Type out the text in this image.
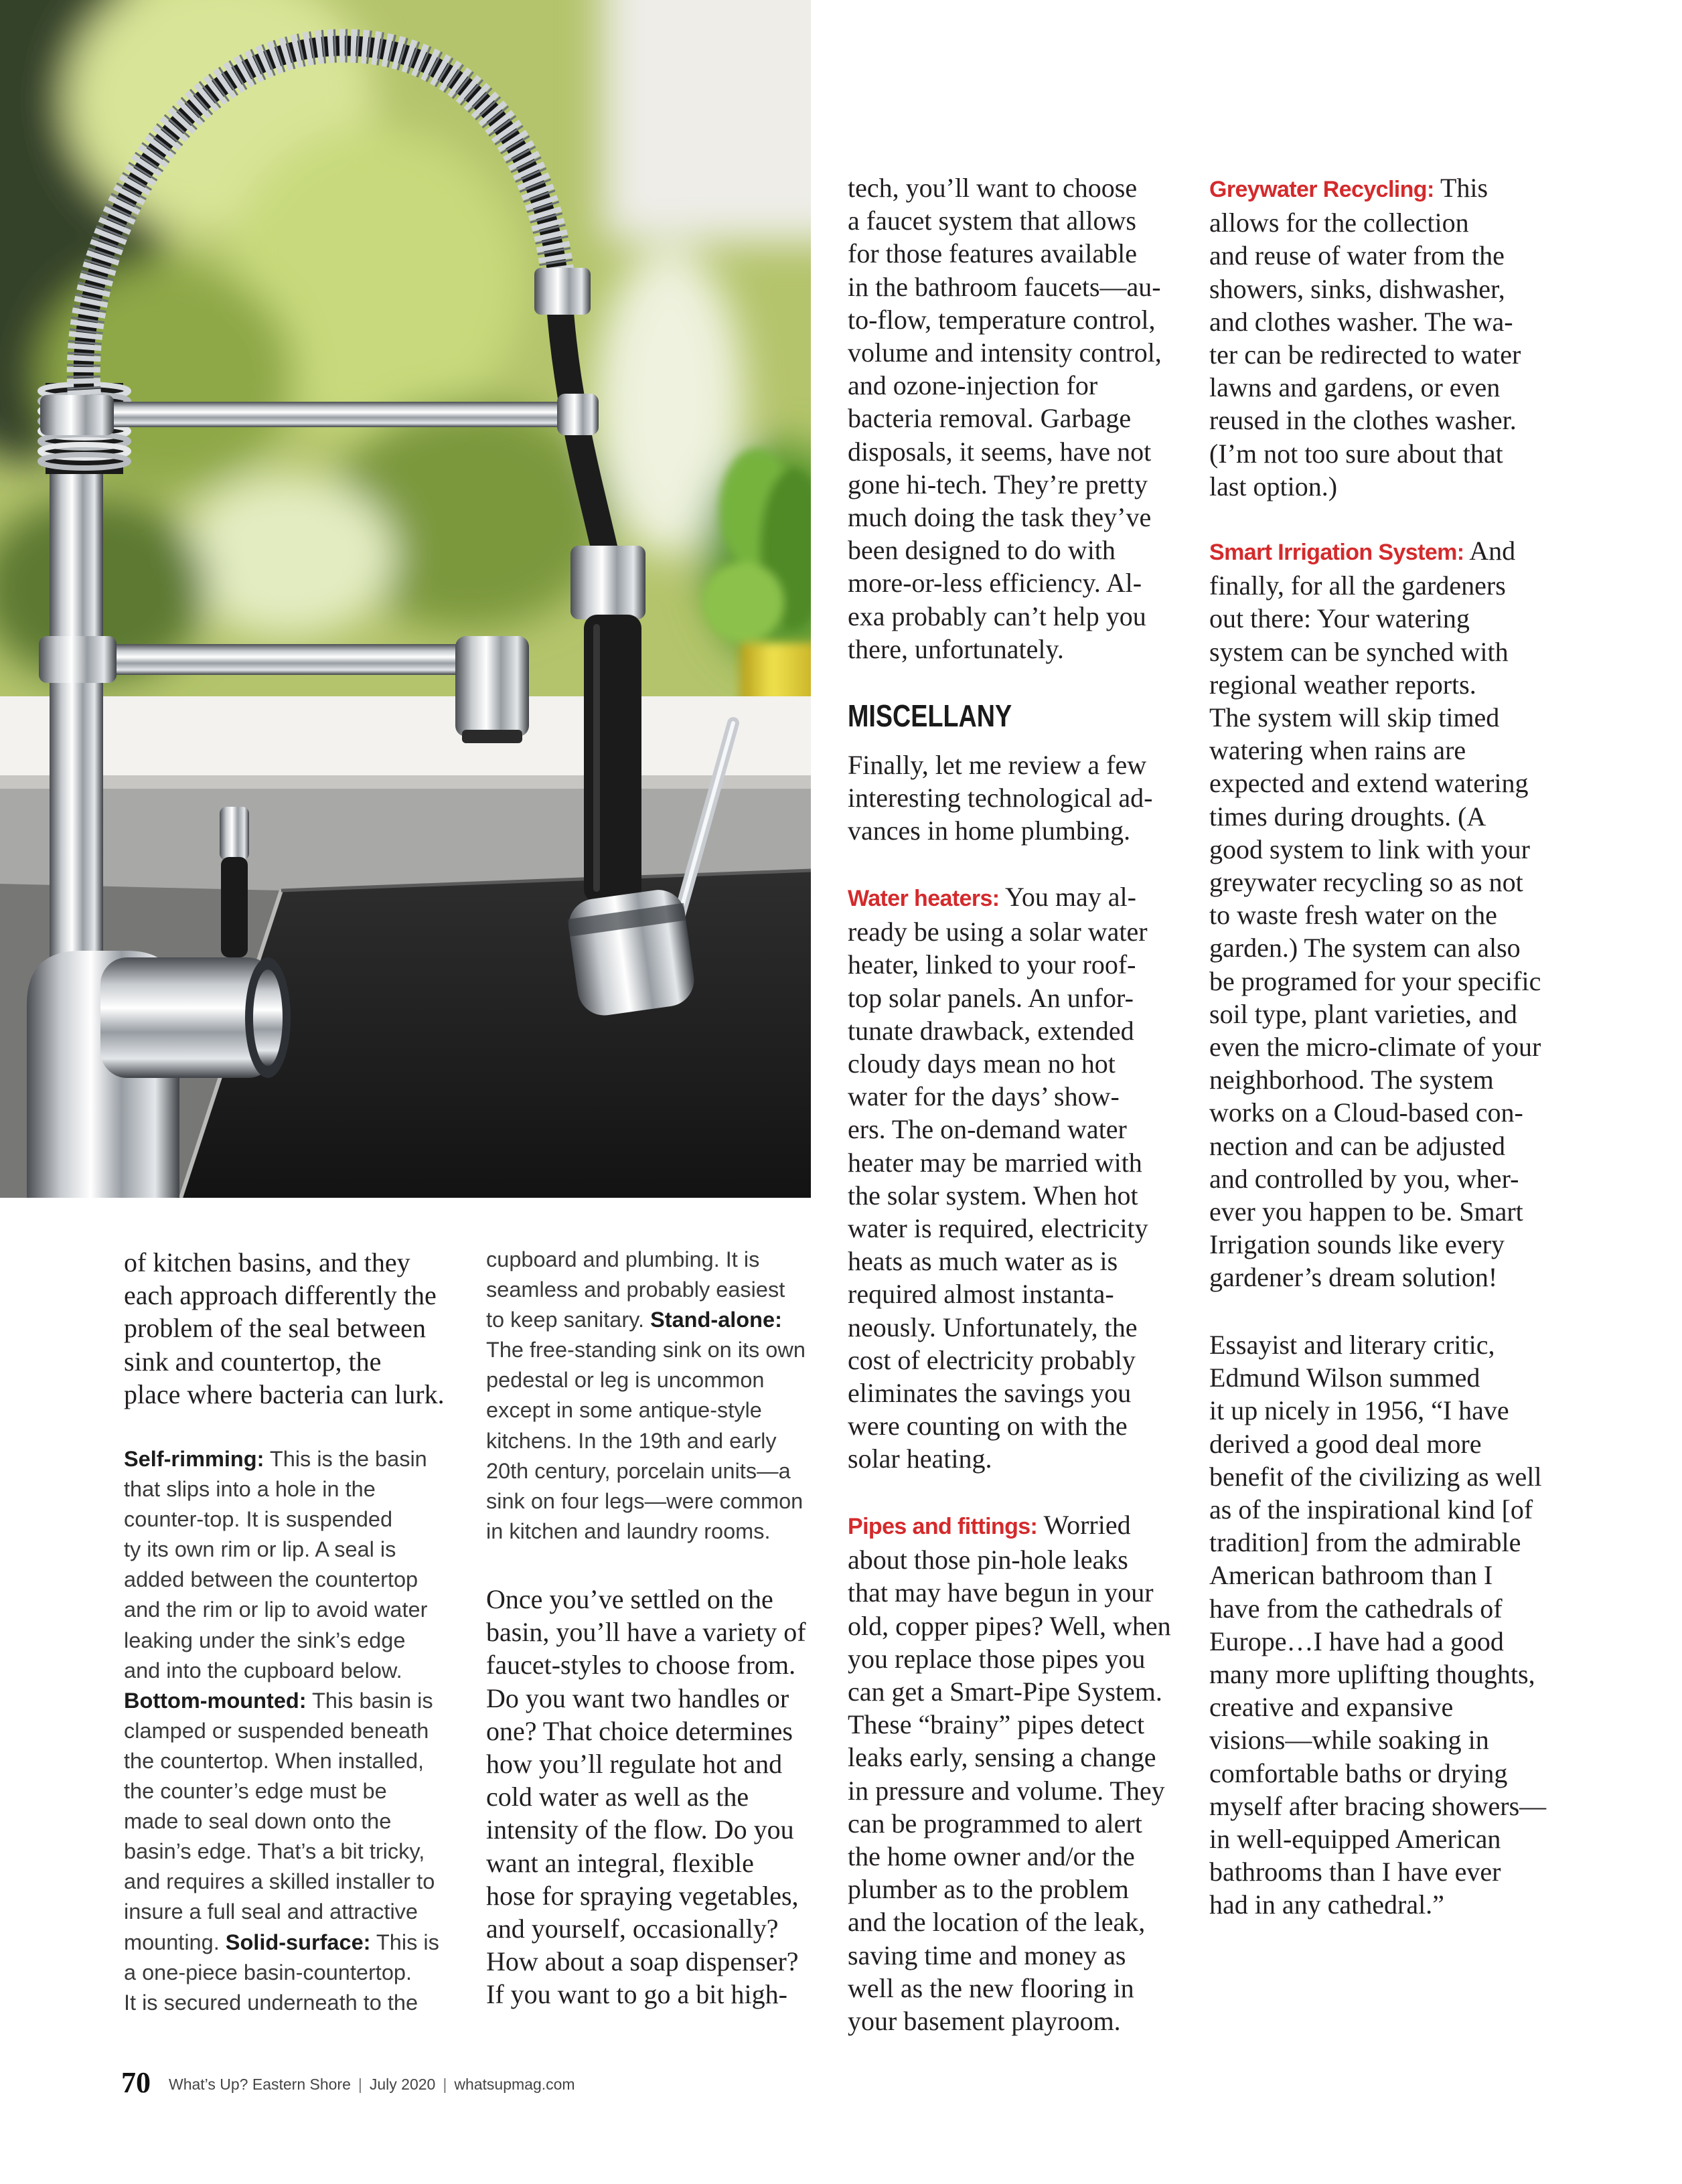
of kitchen basins, and they
each approach differently the
problem of the seal between
sink and countertop, the
place where bacteria can lurk.
Self-rimming: This is the basin
that slips into a hole in the
counter-top. It is suspended
ty its own rim or lip. A seal is
added between the countertop
and the rim or lip to avoid water
leaking under the sink’s edge
and into the cupboard below.
Bottom-mounted: This basin is
clamped or suspended beneath
the countertop. When installed,
the counter’s edge must be
made to seal down onto the
basin’s edge. That’s a bit tricky,
and requires a skilled installer to
insure a full seal and attractive
mounting. Solid-surface: This is
a one-piece basin-countertop.
It is secured underneath to the
cupboard and plumbing. It is
seamless and probably easiest
to keep sanitary. Stand-alone:
The free-standing sink on its own
pedestal or leg is uncommon
except in some antique-style
kitchens. In the 19th and early
20th century, porcelain units—a
sink on four legs—were common
in kitchen and laundry rooms.
Once you’ve settled on the
basin, you’ll have a variety of
faucet-styles to choose from.
Do you want two handles or
one? That choice determines
how you’ll regulate hot and
cold water as well as the
intensity of the flow. Do you
want an integral, flexible
hose for spraying vegetables,
and yourself, occasionally?
How about a soap dispenser?
If you want to go a bit high-
tech, you’ll want to choose
a faucet system that allows
for those features available
in the bathroom faucets—au-
to-flow, temperature control,
volume and intensity control,
and ozone-injection for
bacteria removal. Garbage
disposals, it seems, have not
gone hi-tech. They’re pretty
much doing the task they’ve
been designed to do with
more-or-less efficiency. Al-
exa probably can’t help you
there, unfortunately.
MISCELLANY
Finally, let me review a few
interesting technological ad-
vances in home plumbing.
Water heaters: You may al-
ready be using a solar water
heater, linked to your roof-
top solar panels. An unfor-
tunate drawback, extended
cloudy days mean no hot
water for the days’ show-
ers. The on-demand water
heater may be married with
the solar system. When hot
water is required, electricity
heats as much water as is
required almost instanta-
neously. Unfortunately, the
cost of electricity probably
eliminates the savings you
were counting on with the
solar heating.
Pipes and fittings: Worried
about those pin-hole leaks
that may have begun in your
old, copper pipes? Well, when
you replace those pipes you
can get a Smart-Pipe System.
These “brainy” pipes detect
leaks early, sensing a change
in pressure and volume. They
can be programmed to alert
the home owner and/or the
plumber as to the problem
and the location of the leak,
saving time and money as
well as the new flooring in
your basement playroom.
Greywater Recycling: This
allows for the collection
and reuse of water from the
showers, sinks, dishwasher,
and clothes washer. The wa-
ter can be redirected to water
lawns and gardens, or even
reused in the clothes washer.
(I’m not too sure about that
last option.)
Smart Irrigation System: And
finally, for all the gardeners
out there: Your watering
system can be synched with
regional weather reports.
The system will skip timed
watering when rains are
expected and extend watering
times during droughts. (A
good system to link with your
greywater recycling so as not
to waste fresh water on the
garden.) The system can also
be programed for your specific
soil type, plant varieties, and
even the micro-climate of your
neighborhood. The system
works on a Cloud-based con-
nection and can be adjusted
and controlled by you, wher-
ever you happen to be. Smart
Irrigation sounds like every
gardener’s dream solution!
Essayist and literary critic,
Edmund Wilson summed
it up nicely in 1956, “I have
derived a good deal more
benefit of the civilizing as well
as of the inspirational kind [of
tradition] from the admirable
American bathroom than I
have from the cathedrals of
Europe…I have had a good
many more uplifting thoughts,
creative and expansive
visions—while soaking in
comfortable baths or drying
myself after bracing showers—
in well-equipped American
bathrooms than I have ever
had in any cathedral.”
70 What’s Up? Eastern Shore | July 2020 | whatsupmag.com
